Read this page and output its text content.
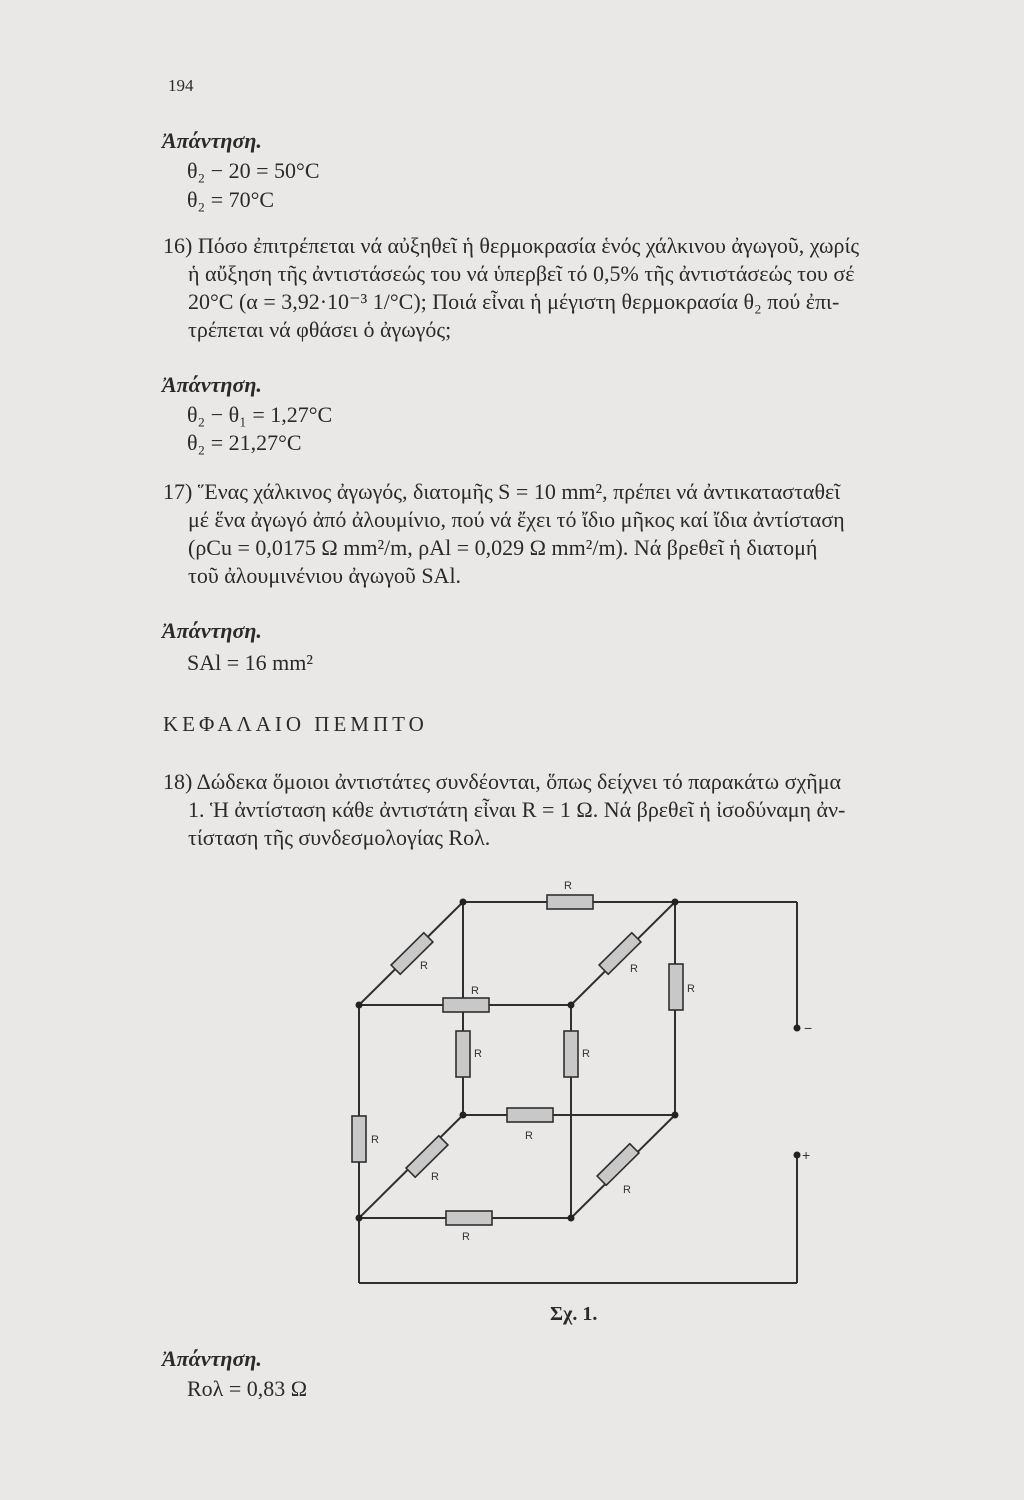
194
Ἀπάντηση.
θ₂ − 20 = 50°C
θ₂ = 70°C
16) Πόσο ἐπιτρέπεται νά αὐξηθεῖ ἡ θερμοκρασία ἑνός χάλκινου ἀγωγοῦ, χωρίς
ἡ αὔξηση τῆς ἀντιστάσεώς του νά ὑπερβεῖ τό 0,5% τῆς ἀντιστάσεώς του σέ
20°C (α = 3,92·10⁻³ 1/°C); Ποιά εἶναι ἡ μέγιστη θερμοκρασία θ₂ πού ἐπι-
τρέπεται νά φθάσει ὁ ἀγωγός;
Ἀπάντηση.
θ₂ − θ₁ = 1,27°C
θ₂ = 21,27°C
17) Ἕνας χάλκινος ἀγωγός, διατομῆς S = 10 mm², πρέπει νά ἀντικατασταθεῖ
μέ ἕνα ἀγωγό ἀπό ἀλουμίνιο, πού νά ἔχει τό ἴδιο μῆκος καί ἴδια ἀντίσταση
(ρCu = 0,0175 Ω mm²/m, ρAl = 0,029 Ω mm²/m). Νά βρεθεῖ ἡ διατομή
τοῦ ἀλουμινένιου ἀγωγοῦ SAl.
Ἀπάντηση.
SAl = 16 mm²
ΚΕΦΑΛΑΙΟ ΠΕΜΠΤΟ
18) Δώδεκα ὅμοιοι ἀντιστάτες συνδέονται, ὅπως δείχνει τό παρακάτω σχῆμα
1. Ἡ ἀντίσταση κάθε ἀντιστάτη εἶναι R = 1 Ω. Νά βρεθεῖ ἡ ἰσοδύναμη ἀν-
τίσταση τῆς συνδεσμολογίας Rολ.
R
R	R
R
R
R	R
R
R
R
R
R
−
+
Σχ. 1.
Ἀπάντηση.
Rολ = 0,83 Ω
